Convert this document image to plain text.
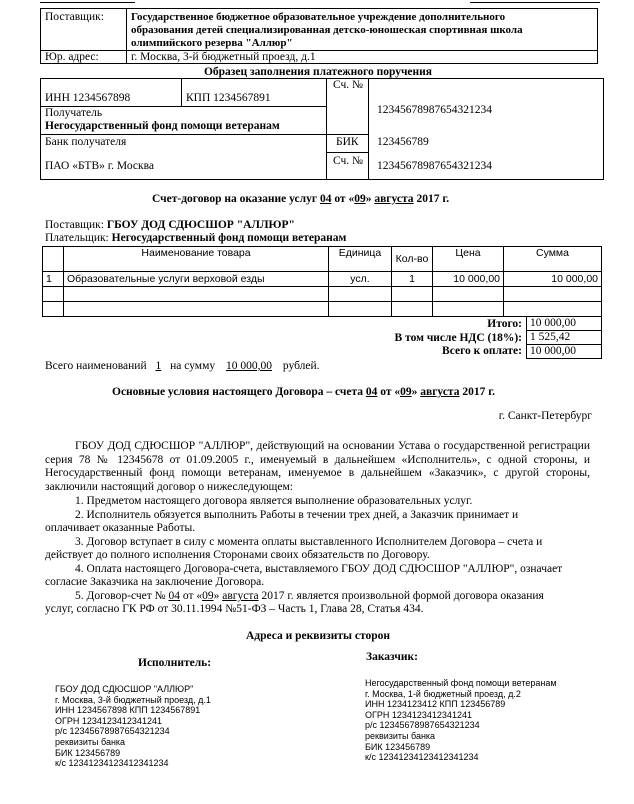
Поставщик: Государственное бюджетное образовательное учреждение дополнительного
образования детей специализированная детско-юношеская спортивная школа
олимпийского резерва "Аллюр"
Юр. адрес:	г. Москва, 3-й бюджетный проезд, д.1
Образец заполнения платежного поручения
ИНН 1234567898	КПП 1234567891
Сч. №
12345678987654321234
Получатель
Негосударственный фонд помощи ветеранам
Банк получателя	БИК 123456789
ПАО «БТВ» г. Москва	Сч. № 12345678987654321234
Счет-договор на оказание услуг 04 от «09» августа 2017 г.
Поставщик: ГБОУ ДОД СДЮСШОР "АЛЛЮР"
Плательщик: Негосударственный фонд помощи ветеранам
	Наименование товара	Единица	Кол-во	Цена	Сумма
1	Образовательные услуги верховой езды	усл.	1	10 000,00	10 000,00

Итого: 10 000,00
В том числе НДС (18%): 1 525,42
Всего к оплате: 10 000,00
Всего наименований 1 на сумму 10 000,00 рублей.
Основные условия настоящего Договора – счета 04 от «09» августа 2017 г.
г. Санкт-Петербург
ГБОУ ДОД СДЮСШОР "АЛЛЮР", действующий на основании Устава о государственной регистрации серия 78 № 12345678 от 01.09.2005 г., именуемый в дальнейшем «Исполнитель», с одной стороны, и Негосударственный фонд помощи ветеранам, именуемое в дальнейшем «Заказчик», с другой стороны, заключили настоящий договор о нижеследующем:
1. Предметом настоящего договора является выполнение образовательных услуг.
2. Исполнитель обязуется выполнить Работы в течении трех дней, а Заказчик принимает и
оплачивает оказанные Работы.
3. Договор вступает в силу с момента оплаты выставленного Исполнителем Договора – счета и
действует до полного исполнения Сторонами своих обязательств по Договору.
4. Оплата настоящего Договора-счета, выставляемого ГБОУ ДОД СДЮСШОР "АЛЛЮР", означает
согласие Заказчика на заключение Договора.
5. Договор-счет № 04 от «09» августа 2017 г. является произвольной формой договора оказания
услуг, согласно ГК РФ от 30.11.1994 №51-ФЗ – Часть 1, Глава 28, Статья 434.
Адреса и реквизиты сторон
Исполнитель:	Заказчик:
ГБОУ ДОД СДЮСШОР "АЛЛЮР"
г. Москва, 3-й бюджетный проезд, д.1
ИНН 1234567898 КПП 1234567891
ОГРН 1234123412341241
р/с 12345678987654321234
реквизиты банка
БИК 123456789
к/с 12341234123412341234
Негосударственный фонд помощи ветеранам
г. Москва, 1-й бюджетный проезд, д.2
ИНН 1234123412 КПП 123456789
ОГРН 1234123412341241
р/с 12345678987654321234
реквизиты банка
БИК 123456789
к/с 12341234123412341234
